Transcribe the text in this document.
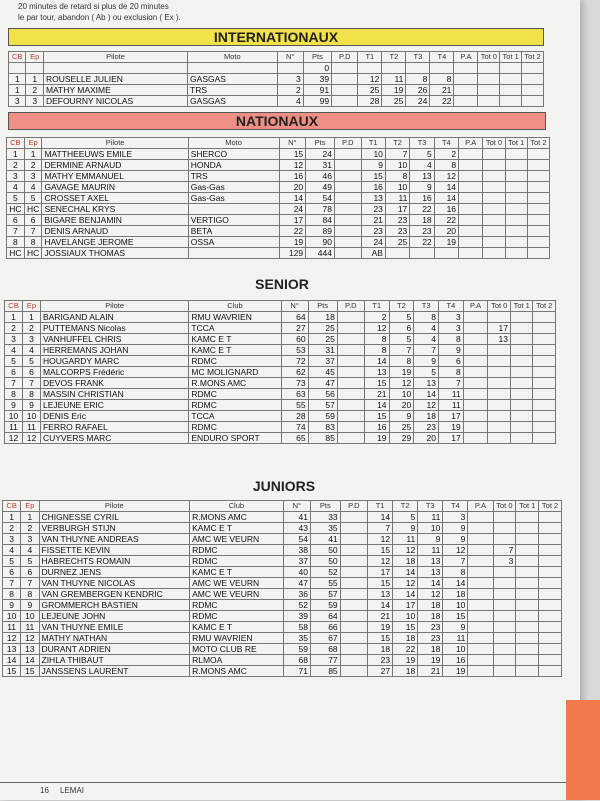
20 minutes de retard si plus de 20 minutes
le par tour, abandon ( Ab ) ou exclusion ( Ex ).
INTERNATIONAUX
CB	Ep	Pilote	Moto	N°	Pts	P.D	T1	T2	T3	T4	P.A	Tot 0	Tot 1	Tot 2
					0									
1	1	ROUSELLE JULIEN	GASGAS	3	39		12	11	8	8				
1	2	MATHY MAXIME	TRS	2	91		25	19	26	21				
3	3	DEFOURNY NICOLAS	GASGAS	4	99		28	25	24	22				
NATIONAUX
CB	Ep	Pilote	Moto	N°	Pts	P.D	T1	T2	T3	T4	P.A	Tot 0	Tot 1	Tot 2
1	1	MATTHEEUWS EMILE	SHERCO	15	24		10	7	5	2				
2	2	DERMINE ARNAUD	HONDA	12	31		9	10	4	8				
3	3	MATHY EMMANUEL	TRS	16	46		15	8	13	12				
4	4	GAVAGE MAURIN	Gas-Gas	20	49		16	10	9	14				
5	5	CROSSET AXEL	Gas-Gas	14	54		13	11	16	14				
HC	HC	SENECHAL KRYS		24	78		23	17	22	16				
6	6	BIGARE BENJAMIN	VERTIGO	17	84		21	23	18	22				
7	7	DENIS ARNAUD	BETA	22	89		23	23	23	20				
8	8	HAVELANGE JEROME	OSSA	19	90		24	25	22	19				
HC	HC	JOSSIAUX THOMAS		129	444		AB							
SENIOR
CB	Ep	Pilote	Club	N°	Pts	P.D	T1	T2	T3	T4	P.A	Tot 0	Tot 1	Tot 2
1	1	BARIGAND ALAIN	RMU WAVRIEN	64	18		2	5	8	3				
2	2	PUTTEMANS Nicolas	TCCA	27	25		12	6	4	3		17		
3	3	VANHUFFEL CHRIS	KAMC E T	60	25		8	5	4	8		13		
4	4	HERREMANS JOHAN	KAMC E T	53	31		8	7	7	9				
5	5	HOUGARDY MARC	RDMC	72	37		14	8	9	6				
6	6	MALCORPS Frédéric	MC MOLIGNARD	62	45		13	19	5	8				
7	7	DEVOS FRANK	R.MONS AMC	73	47		15	12	13	7				
8	8	MASSIN CHRISTIAN	RDMC	63	56		21	10	14	11				
9	9	LEJEUNE ERIC	RDMC	55	57		14	20	12	11				
10	10	DENIS Eric	TCCA	28	59		15	9	18	17				
11	11	FERRO RAFAEL	RDMC	74	83		16	25	23	19				
12	12	CUYVERS MARC	ENDURO SPORT	65	85		19	29	20	17				
JUNIORS
CB	Ep	Pilote	Club	N°	Pts	P.D	T1	T2	T3	T4	P.A	Tot 0	Tot 1	Tot 2
1	1	CHIGNESSE CYRIL	R.MONS AMC	41	33		14	5	11	3				
2	2	VERBURGH STIJN	KAMC E T	43	35		7	9	10	9				
3	3	VAN THUYNE ANDREAS	AMC WE VEURN	54	41		12	11	9	9				
4	4	FISSETTE KEVIN	RDMC	38	50		15	12	11	12		7		
5	5	HABRECHTS ROMAIN	RDMC	37	50		12	18	13	7		3		
6	6	DURNEZ JENS	KAMC E T	40	52		17	14	13	8				
7	7	VAN THUYNE NICOLAS	AMC WE VEURN	47	55		15	12	14	14				
8	8	VAN GREMBERGEN KENDRIC	AMC WE VEURN	36	57		13	14	12	18				
9	9	GROMMERCH BASTIEN	RDMC	52	59		14	17	18	10				
10	10	LEJEUNE JOHN	RDMC	39	64		21	10	18	15				
11	11	VAN THUYNE EMILE	KAMC E T	58	66		19	15	23	9				
12	12	MATHY NATHAN	RMU WAVRIEN	35	67		15	18	23	11				
13	13	DURANT ADRIEN	MOTO CLUB RE	59	68		18	22	18	10				
14	14	ZIHLA THIBAUT	RLMOA	68	77		23	19	19	16				
15	15	JANSSENS LAURENT	R.MONS AMC	71	85		27	18	21	19				
16 LEMAI
